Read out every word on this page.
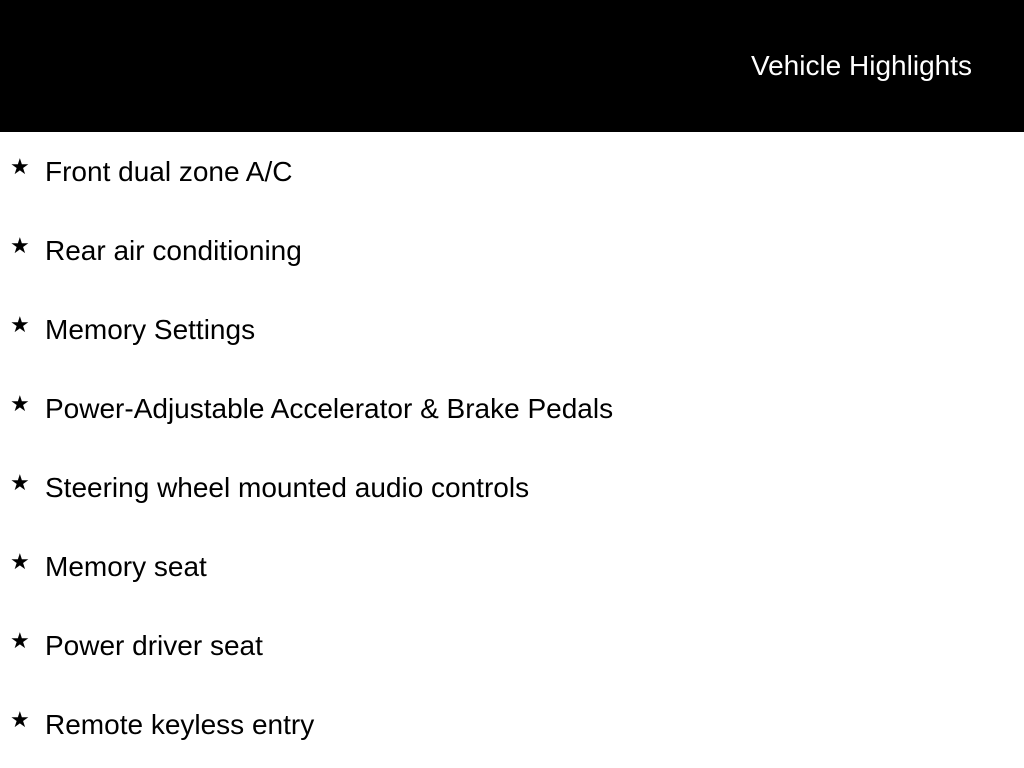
Vehicle Highlights
★ Front dual zone A/C
★ Rear air conditioning
★ Memory Settings
★ Power-Adjustable Accelerator & Brake Pedals
★ Steering wheel mounted audio controls
★ Memory seat
★ Power driver seat
★ Remote keyless entry
